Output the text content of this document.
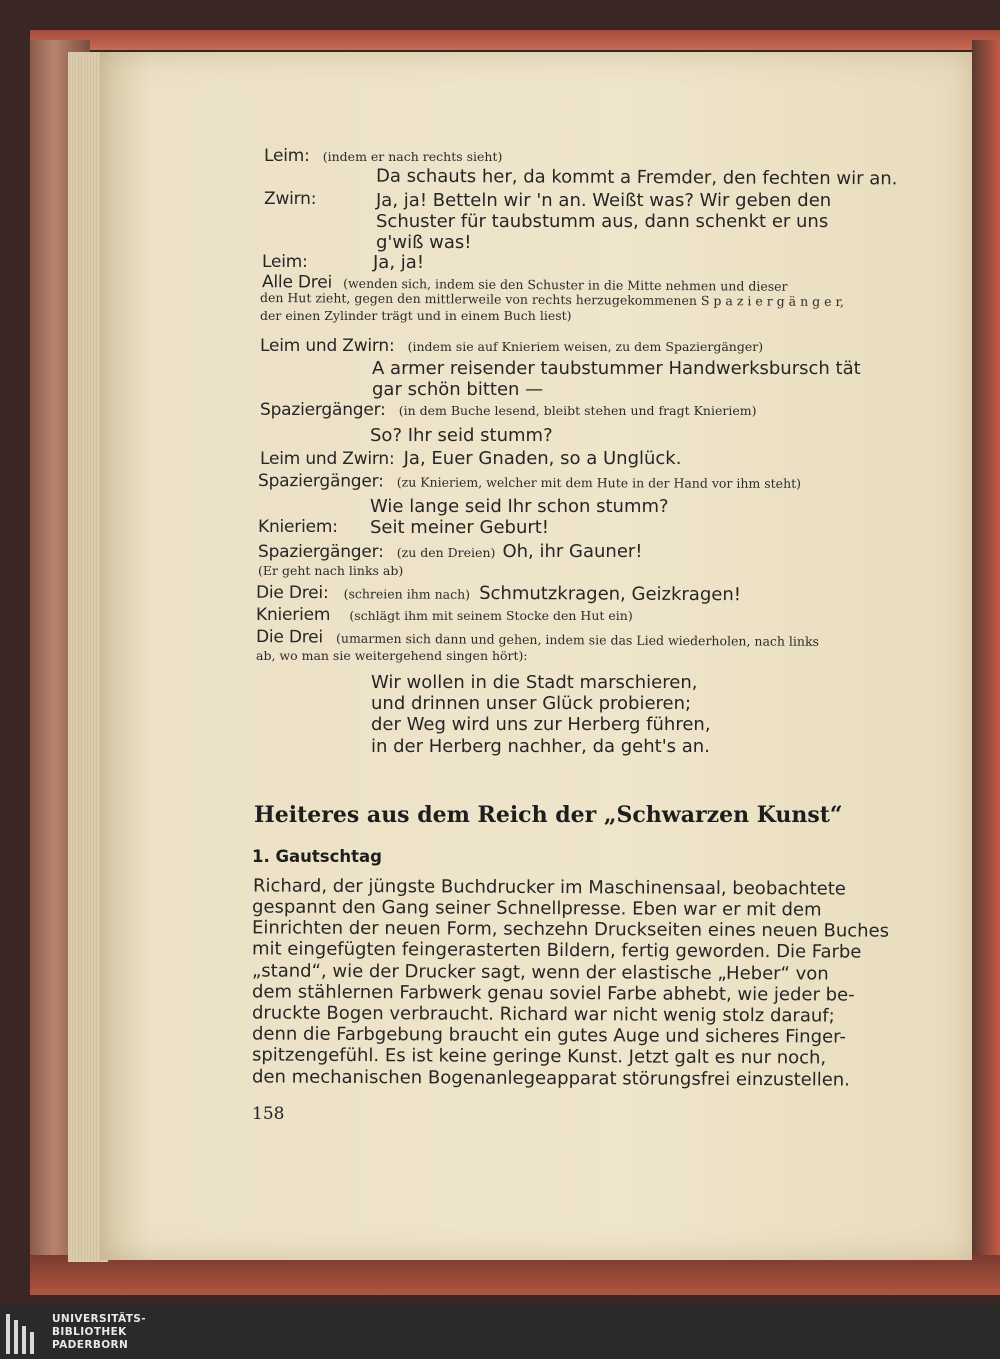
Leim: (indem er nach rechts sieht)
Da schauts her, da kommt a Fremder, den fechten wir an.
Zwirn:	Ja, ja! Betteln wir 'n an. Weißt was? Wir geben den
Schuster für taubstumm aus, dann schenkt er uns
g'wiß was!
Leim:	Ja, ja!
Alle Drei (wenden sich, indem sie den Schuster in die Mitte nehmen und dieser
den Hut zieht, gegen den mittlerweile von rechts herzugekommenen S p a z i e r g ä n g e r,
der einen Zylinder trägt und in einem Buch liest)
Leim und Zwirn: (indem sie auf Knieriem weisen, zu dem Spaziergänger)
A armer reisender taubstummer Handwerksbursch tät
gar schön bitten —
Spaziergänger: (in dem Buche lesend, bleibt stehen und fragt Knieriem)
So? Ihr seid stumm?
Leim und Zwirn: Ja, Euer Gnaden, so a Unglück.
Spaziergänger: (zu Knieriem, welcher mit dem Hute in der Hand vor ihm steht)
Wie lange seid Ihr schon stumm?
Knieriem: Seit meiner Geburt!
Spaziergänger: (zu den Dreien) Oh, ihr Gauner!
(Er geht nach links ab)
Die Drei: (schreien ihm nach) Schmutzkragen, Geizkragen!
Knieriem (schlägt ihm mit seinem Stocke den Hut ein)
Die Drei (umarmen sich dann und gehen, indem sie das Lied wiederholen, nach links
ab, wo man sie weitergehend singen hört):
Wir wollen in die Stadt marschieren,
und drinnen unser Glück probieren;
der Weg wird uns zur Herberg führen,
in der Herberg nachher, da geht's an.
Heiteres aus dem Reich der „Schwarzen Kunst“
1. Gautschtag
Richard, der jüngste Buchdrucker im Maschinensaal, beobachtete
gespannt den Gang seiner Schnellpresse. Eben war er mit dem
Einrichten der neuen Form, sechzehn Druckseiten eines neuen Buches
mit eingefügten feingerasterten Bildern, fertig geworden. Die Farbe
„stand“, wie der Drucker sagt, wenn der elastische „Heber“ von
dem stählernen Farbwerk genau soviel Farbe abhebt, wie jeder be-
druckte Bogen verbraucht. Richard war nicht wenig stolz darauf;
denn die Farbgebung braucht ein gutes Auge und sicheres Finger-
spitzengefühl. Es ist keine geringe Kunst. Jetzt galt es nur noch,
den mechanischen Bogenanlegeapparat störungsfrei einzustellen.
158
UNIVERSITÄTS-
BIBLIOTHEK
PADERBORN
